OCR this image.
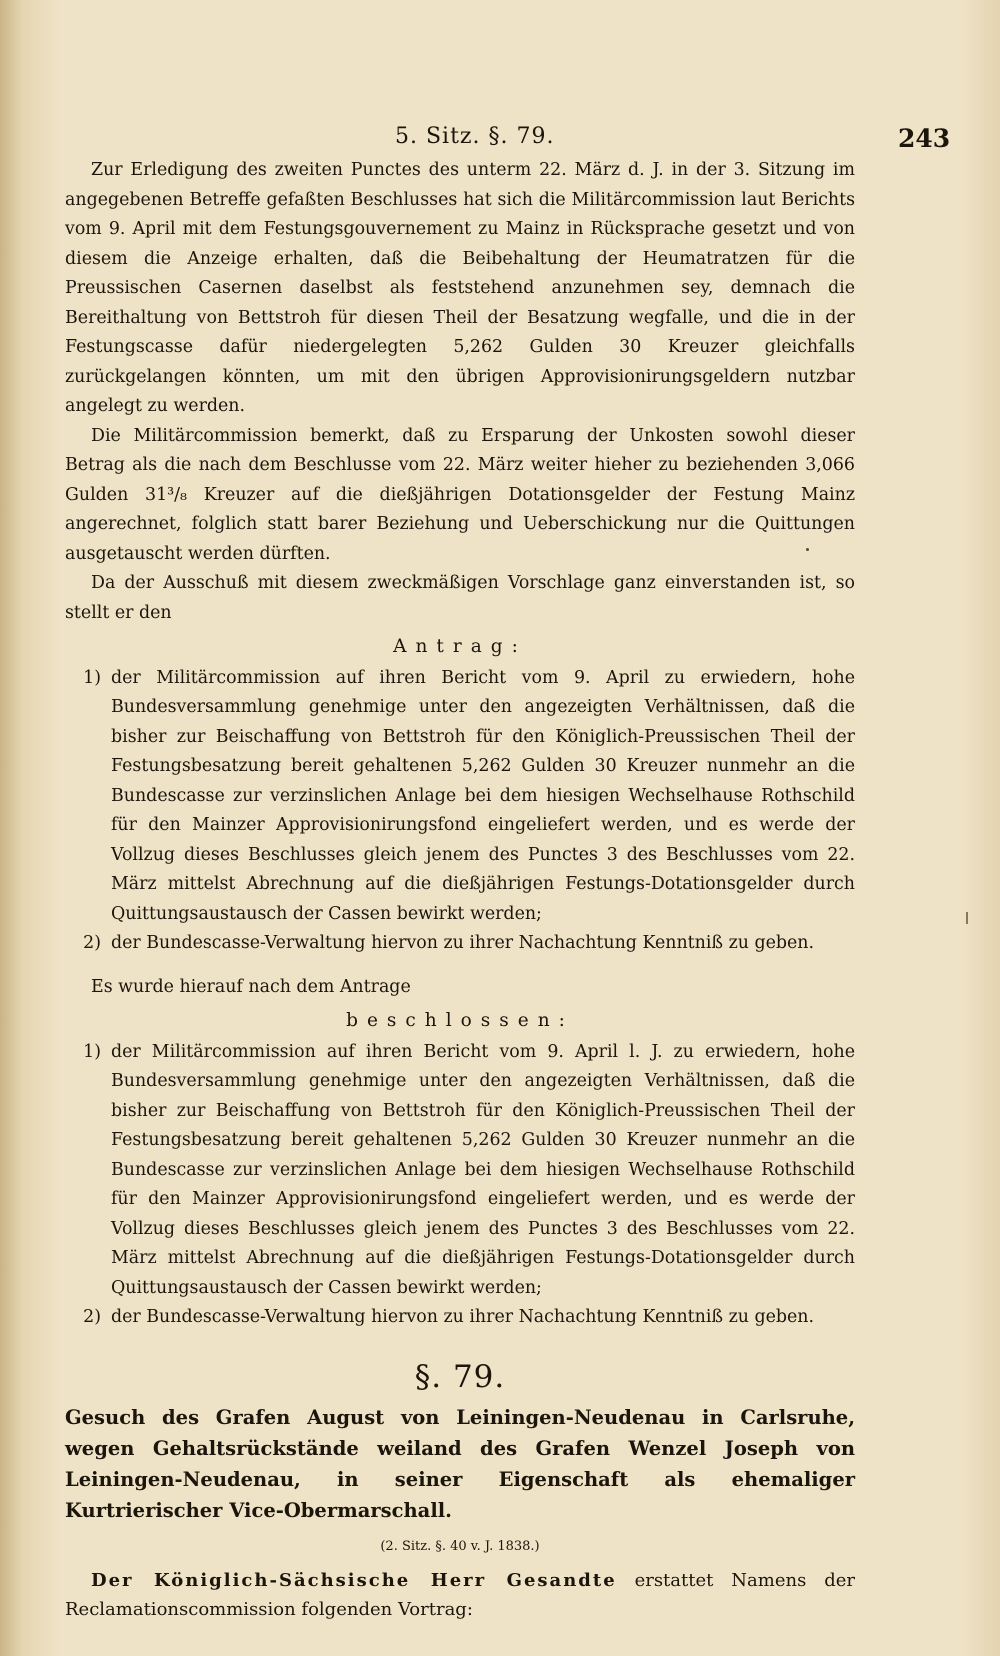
5. Sitz. §. 79.	243

Zur Erledigung des zweiten Punctes des unterm 22. März d. J. in der 3. Sitzung im angegebenen Betreffe gefaßten Beschlusses hat sich die Militärcommission laut Berichts vom 9. April mit dem Festungsgouvernement zu Mainz in Rücksprache gesetzt und von diesem die Anzeige erhalten, daß die Beibehaltung der Heumatratzen für die Preussischen Casernen daselbst als feststehend anzunehmen sey, demnach die Bereithaltung von Bettstroh für diesen Theil der Besatzung wegfalle, und die in der Festungscasse dafür niedergelegten 5,262 Gulden 30 Kreuzer gleichfalls zurückgelangen könnten, um mit den übrigen Approvisionirungsgeldern nutzbar angelegt zu werden.

Die Militärcommission bemerkt, daß zu Ersparung der Unkosten sowohl dieser Betrag als die nach dem Beschlusse vom 22. März weiter hieher zu beziehenden 3,066 Gulden 31³/₈ Kreuzer auf die dießjährigen Dotationsgelder der Festung Mainz angerechnet, folglich statt barer Beziehung und Ueberschickung nur die Quittungen ausgetauscht werden dürften.

Da der Ausschuß mit diesem zweckmäßigen Vorschlage ganz einverstanden ist, so stellt er den

Antrag:
1) der Militärcommission auf ihren Bericht vom 9. April zu erwiedern, hohe Bundesversammlung genehmige unter den angezeigten Verhältnissen, daß die bisher zur Beischaffung von Bettstroh für den Königlich-Preussischen Theil der Festungsbesatzung bereit gehaltenen 5,262 Gulden 30 Kreuzer nunmehr an die Bundescasse zur verzinslichen Anlage bei dem hiesigen Wechselhause Rothschild für den Mainzer Approvisionirungsfond eingeliefert werden, und es werde der Vollzug dieses Beschlusses gleich jenem des Punctes 3 des Beschlusses vom 22. März mittelst Abrechnung auf die dießjährigen Festungs-Dotationsgelder durch Quittungsaustausch der Cassen bewirkt werden;
2) der Bundescasse-Verwaltung hiervon zu ihrer Nachachtung Kenntniß zu geben.

Es wurde hierauf nach dem Antrage

beschlossen:
1) der Militärcommission auf ihren Bericht vom 9. April l. J. zu erwiedern, hohe Bundesversammlung genehmige unter den angezeigten Verhältnissen, daß die bisher zur Beischaffung von Bettstroh für den Königlich-Preussischen Theil der Festungsbesatzung bereit gehaltenen 5,262 Gulden 30 Kreuzer nunmehr an die Bundescasse zur verzinslichen Anlage bei dem hiesigen Wechselhause Rothschild für den Mainzer Approvisionirungsfond eingeliefert werden, und es werde der Vollzug dieses Beschlusses gleich jenem des Punctes 3 des Beschlusses vom 22. März mittelst Abrechnung auf die dießjährigen Festungs-Dotationsgelder durch Quittungsaustausch der Cassen bewirkt werden;
2) der Bundescasse-Verwaltung hiervon zu ihrer Nachachtung Kenntniß zu geben.
§. 79.
Gesuch des Grafen August von Leiningen-Neudenau in Carlsruhe, wegen Gehaltsrückstände weiland des Grafen Wenzel Joseph von Leiningen-Neudenau, in seiner Eigenschaft als ehemaliger Kurtrierischer Vice-Obermarschall.
(2. Sitz. §. 40 v. J. 1838.)

Der Königlich-Sächsische Herr Gesandte erstattet Namens der Reclamationscommission folgenden Vortrag:
